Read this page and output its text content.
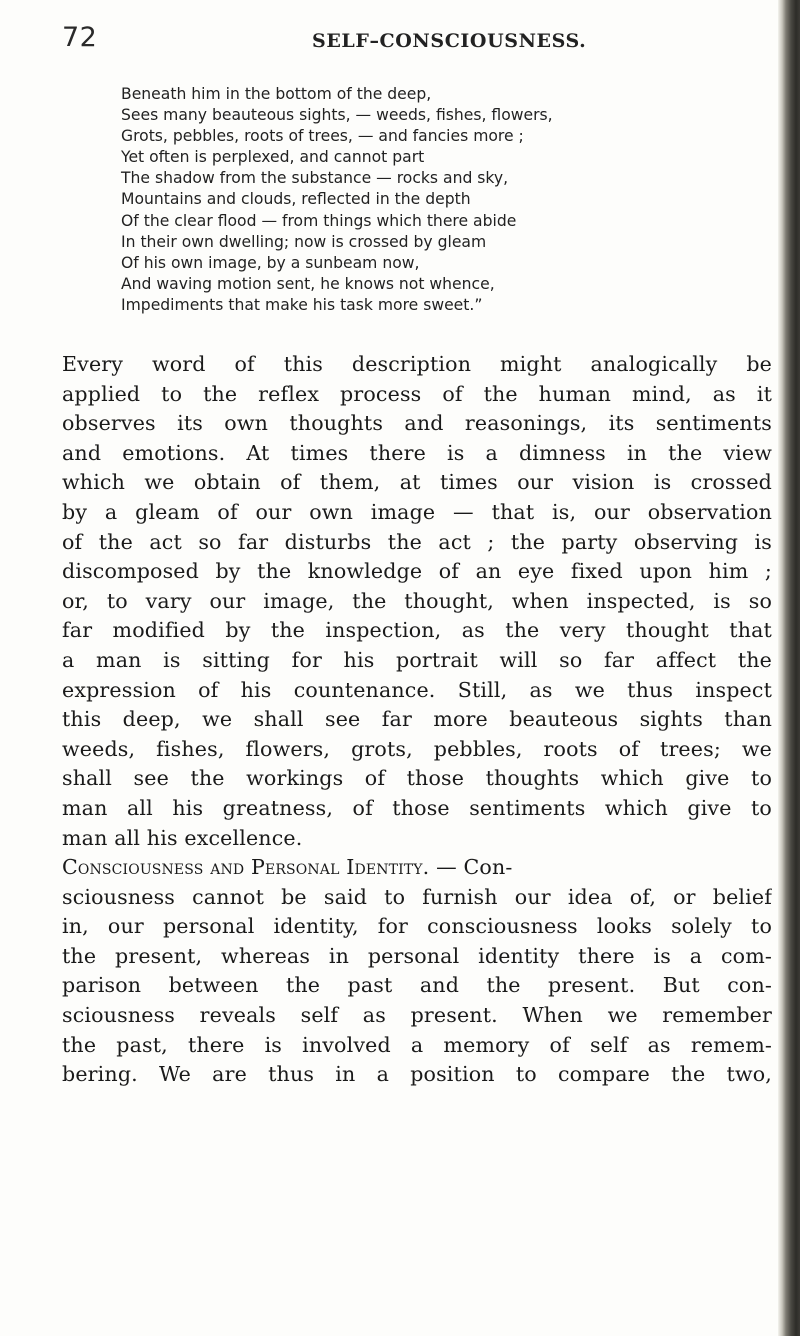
72	SELF–CONSCIOUSNESS.
Beneath him in the bottom of the deep,
Sees many beauteous sights, — weeds, fishes, flowers,
Grots, pebbles, roots of trees, — and fancies more ;
Yet often is perplexed, and cannot part
The shadow from the substance — rocks and sky,
Mountains and clouds, reflected in the depth
Of the clear flood — from things which there abide
In their own dwelling; now is crossed by gleam
Of his own image, by a sunbeam now,
And waving motion sent, he knows not whence,
Impediments that make his task more sweet.”
Every word of this description might analogically be
applied to the reflex process of the human mind, as it
observes its own thoughts and reasonings, its sentiments
and emotions. At times there is a dimness in the view
which we obtain of them, at times our vision is crossed
by a gleam of our own image — that is, our observation
of the act so far disturbs the act ; the party observing is
discomposed by the knowledge of an eye fixed upon him ;
or, to vary our image, the thought, when inspected, is so
far modified by the inspection, as the very thought that
a man is sitting for his portrait will so far affect the
expression of his countenance. Still, as we thus inspect
this deep, we shall see far more beauteous sights than
weeds, fishes, flowers, grots, pebbles, roots of trees; we
shall see the workings of those thoughts which give to
man all his greatness, of those sentiments which give to
man all his excellence.
Consciousness and Personal Identity. — Con-
sciousness cannot be said to furnish our idea of, or belief
in, our personal identity, for consciousness looks solely to
the present, whereas in personal identity there is a com-
parison between the past and the present. But con-
sciousness reveals self as present. When we remember
the past, there is involved a memory of self as remem-
bering. We are thus in a position to compare the two,
